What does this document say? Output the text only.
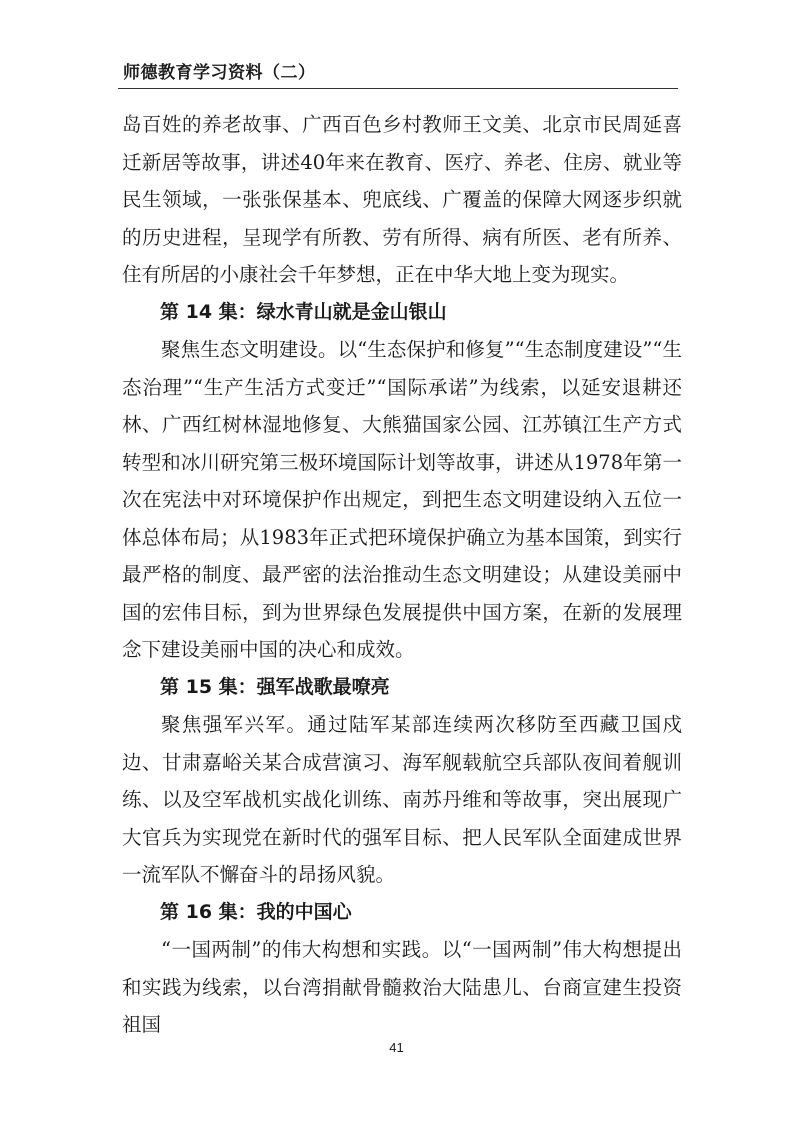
师德教育学习资料（二）

岛百姓的养老故事、广西百色乡村教师王文美、北京市民周延喜迁新居等故事，讲述40年来在教育、医疗、养老、住房、就业等民生领域，一张张保基本、兜底线、广覆盖的保障大网逐步织就的历史进程，呈现学有所教、劳有所得、病有所医、老有所养、住有所居的小康社会千年梦想，正在中华大地上变为现实。

第 14 集：绿水青山就是金山银山

聚焦生态文明建设。以“生态保护和修复”“生态制度建设”“生态治理”“生产生活方式变迁”“国际承诺”为线索，以延安退耕还林、广西红树林湿地修复、大熊猫国家公园、江苏镇江生产方式转型和冰川研究第三极环境国际计划等故事，讲述从1978年第一次在宪法中对环境保护作出规定，到把生态文明建设纳入五位一体总体布局；从1983年正式把环境保护确立为基本国策，到实行最严格的制度、最严密的法治推动生态文明建设；从建设美丽中国的宏伟目标，到为世界绿色发展提供中国方案，在新的发展理念下建设美丽中国的决心和成效。

第 15 集：强军战歌最嘹亮

聚焦强军兴军。通过陆军某部连续两次移防至西藏卫国戍边、甘肃嘉峪关某合成营演习、海军舰载航空兵部队夜间着舰训练、以及空军战机实战化训练、南苏丹维和等故事，突出展现广大官兵为实现党在新时代的强军目标、把人民军队全面建成世界一流军队不懈奋斗的昂扬风貌。

第 16 集：我的中国心

“一国两制”的伟大构想和实践。以“一国两制”伟大构想提出和实践为线索，以台湾捐献骨髓救治大陆患儿、台商宣建生投资祖国

41
